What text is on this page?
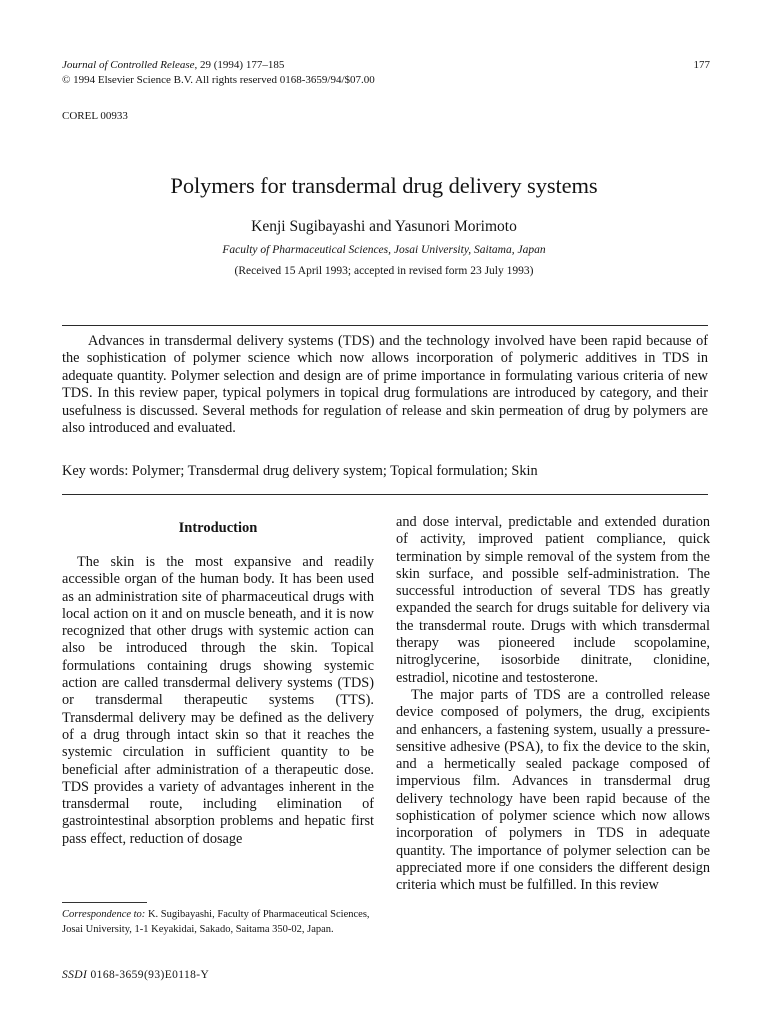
Journal of Controlled Release, 29 (1994) 177–185
© 1994 Elsevier Science B.V. All rights reserved 0168-3659/94/$07.00
177
COREL 00933
Polymers for transdermal drug delivery systems
Kenji Sugibayashi and Yasunori Morimoto
Faculty of Pharmaceutical Sciences, Josai University, Saitama, Japan
(Received 15 April 1993; accepted in revised form 23 July 1993)

Advances in transdermal delivery systems (TDS) and the technology involved have been rapid because of the sophistication of polymer science which now allows incorporation of polymeric additives in TDS in adequate quantity. Polymer selection and design are of prime importance in formulating various criteria of new TDS. In this review paper, typical polymers in topical drug formulations are introduced by category, and their usefulness is discussed. Several methods for regulation of release and skin permeation of drug by polymers are also introduced and evaluated.

Key words: Polymer; Transdermal drug delivery system; Topical formulation; Skin
Introduction

The skin is the most expansive and readily accessible organ of the human body. It has been used as an administration site of pharmaceutical drugs with local action on it and on muscle beneath, and it is now recognized that other drugs with systemic action can also be introduced through the skin. Topical formulations containing drugs showing systemic action are called transdermal delivery systems (TDS) or transdermal therapeutic systems (TTS). Transdermal delivery may be defined as the delivery of a drug through intact skin so that it reaches the systemic circulation in sufficient quantity to be beneficial after administration of a therapeutic dose. TDS provides a variety of advantages inherent in the transdermal route, including elimination of gastrointestinal absorption problems and hepatic first pass effect, reduction of dosage

and dose interval, predictable and extended duration of activity, improved patient compliance, quick termination by simple removal of the system from the skin surface, and possible self-administration. The successful introduction of several TDS has greatly expanded the search for drugs suitable for delivery via the transdermal route. Drugs with which transdermal therapy was pioneered include scopolamine, nitroglycerine, isosorbide dinitrate, clonidine, estradiol, nicotine and testosterone.

The major parts of TDS are a controlled release device composed of polymers, the drug, excipients and enhancers, a fastening system, usually a pressure-sensitive adhesive (PSA), to fix the device to the skin, and a hermetically sealed package composed of impervious film. Advances in transdermal drug delivery technology have been rapid because of the sophistication of polymer science which now allows incorporation of polymers in TDS in adequate quantity. The importance of polymer selection can be appreciated more if one considers the different design criteria which must be fulfilled. In this review

Correspondence to: K. Sugibayashi, Faculty of Pharmaceutical Sciences, Josai University, 1-1 Keyakidai, Sakado, Saitama 350-02, Japan.
SSDI 0168-3659(93)E0118-Y
